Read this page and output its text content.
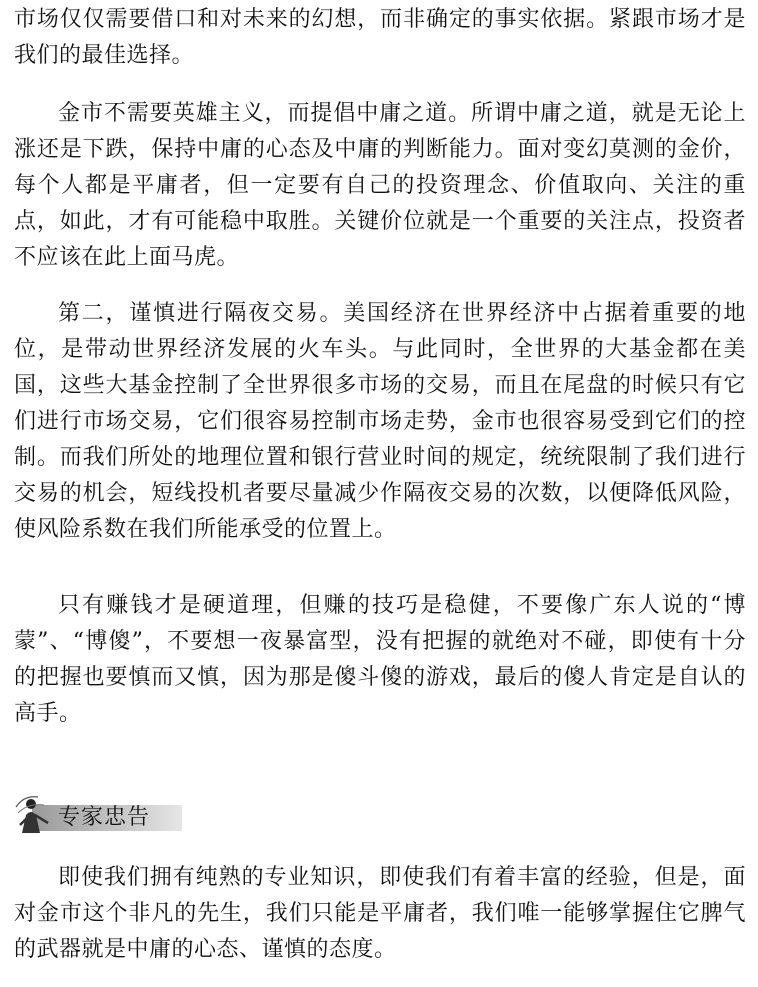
市场仅仅需要借口和对未来的幻想，而非确定的事实依据。紧跟市场才是我们的最佳选择。

金市不需要英雄主义，而提倡中庸之道。所谓中庸之道，就是无论上涨还是下跌，保持中庸的心态及中庸的判断能力。面对变幻莫测的金价，每个人都是平庸者，但一定要有自己的投资理念、价值取向、关注的重点，如此，才有可能稳中取胜。关键价位就是一个重要的关注点，投资者不应该在此上面马虎。

第二，谨慎进行隔夜交易。美国经济在世界经济中占据着重要的地位，是带动世界经济发展的火车头。与此同时，全世界的大基金都在美国，这些大基金控制了全世界很多市场的交易，而且在尾盘的时候只有它们进行市场交易，它们很容易控制市场走势，金市也很容易受到它们的控制。而我们所处的地理位置和银行营业时间的规定，统统限制了我们进行交易的机会，短线投机者要尽量减少作隔夜交易的次数，以便降低风险，使风险系数在我们所能承受的位置上。

只有赚钱才是硬道理，但赚的技巧是稳健，不要像广东人说的“博蒙”、“博傻”，不要想一夜暴富型，没有把握的就绝对不碰，即使有十分的把握也要慎而又慎，因为那是傻斗傻的游戏，最后的傻人肯定是自认的高手。

专家忠告

即使我们拥有纯熟的专业知识，即使我们有着丰富的经验，但是，面对金市这个非凡的先生，我们只能是平庸者，我们唯一能够掌握住它脾气的武器就是中庸的心态、谨慎的态度。
